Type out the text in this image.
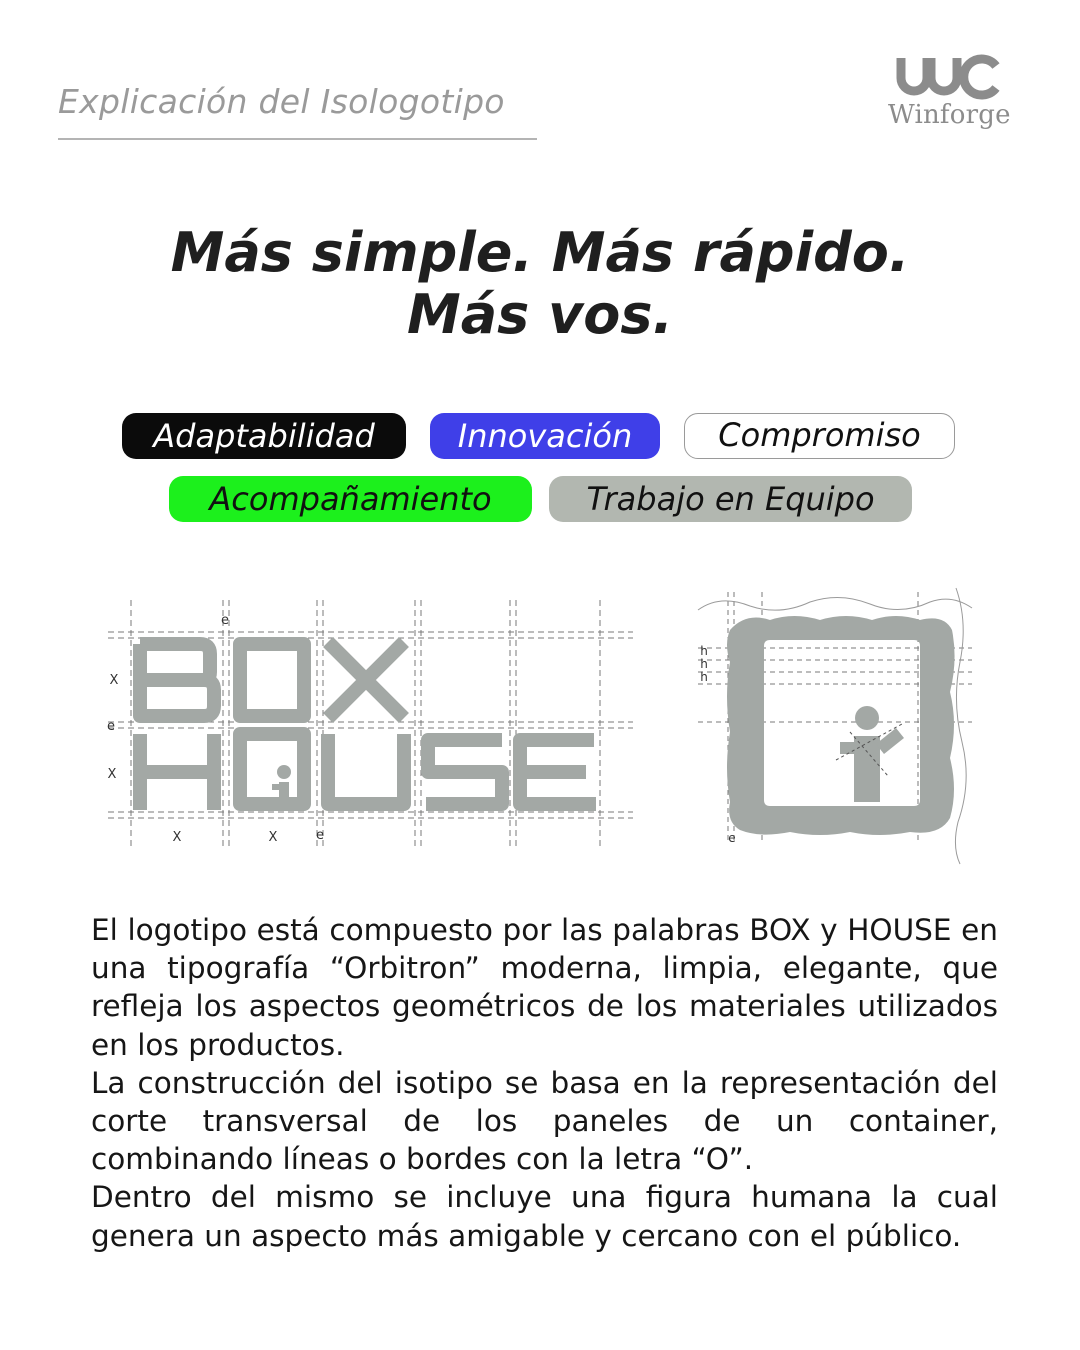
Explicación del Isologotipo	Winforge
Más simple. Más rápido.
Más vos.
Adaptabilidad	Innovación	Compromiso
Acompañamiento	Trabajo en Equipo
e
X
e
X
X	X	e
h
h
h
e

El logotipo está compuesto por las palabras BOX y HOUSE en una tipografía “Orbitron” moderna, limpia, elegante, que refleja los aspectos geométricos de los materiales utilizados en los productos.

La construcción del isotipo se basa en la representación del corte transversal de los paneles de un container, combinando líneas o bordes con la letra “O”.

Dentro del mismo se incluye una figura humana la cual genera un aspecto más amigable y cercano con el público.
